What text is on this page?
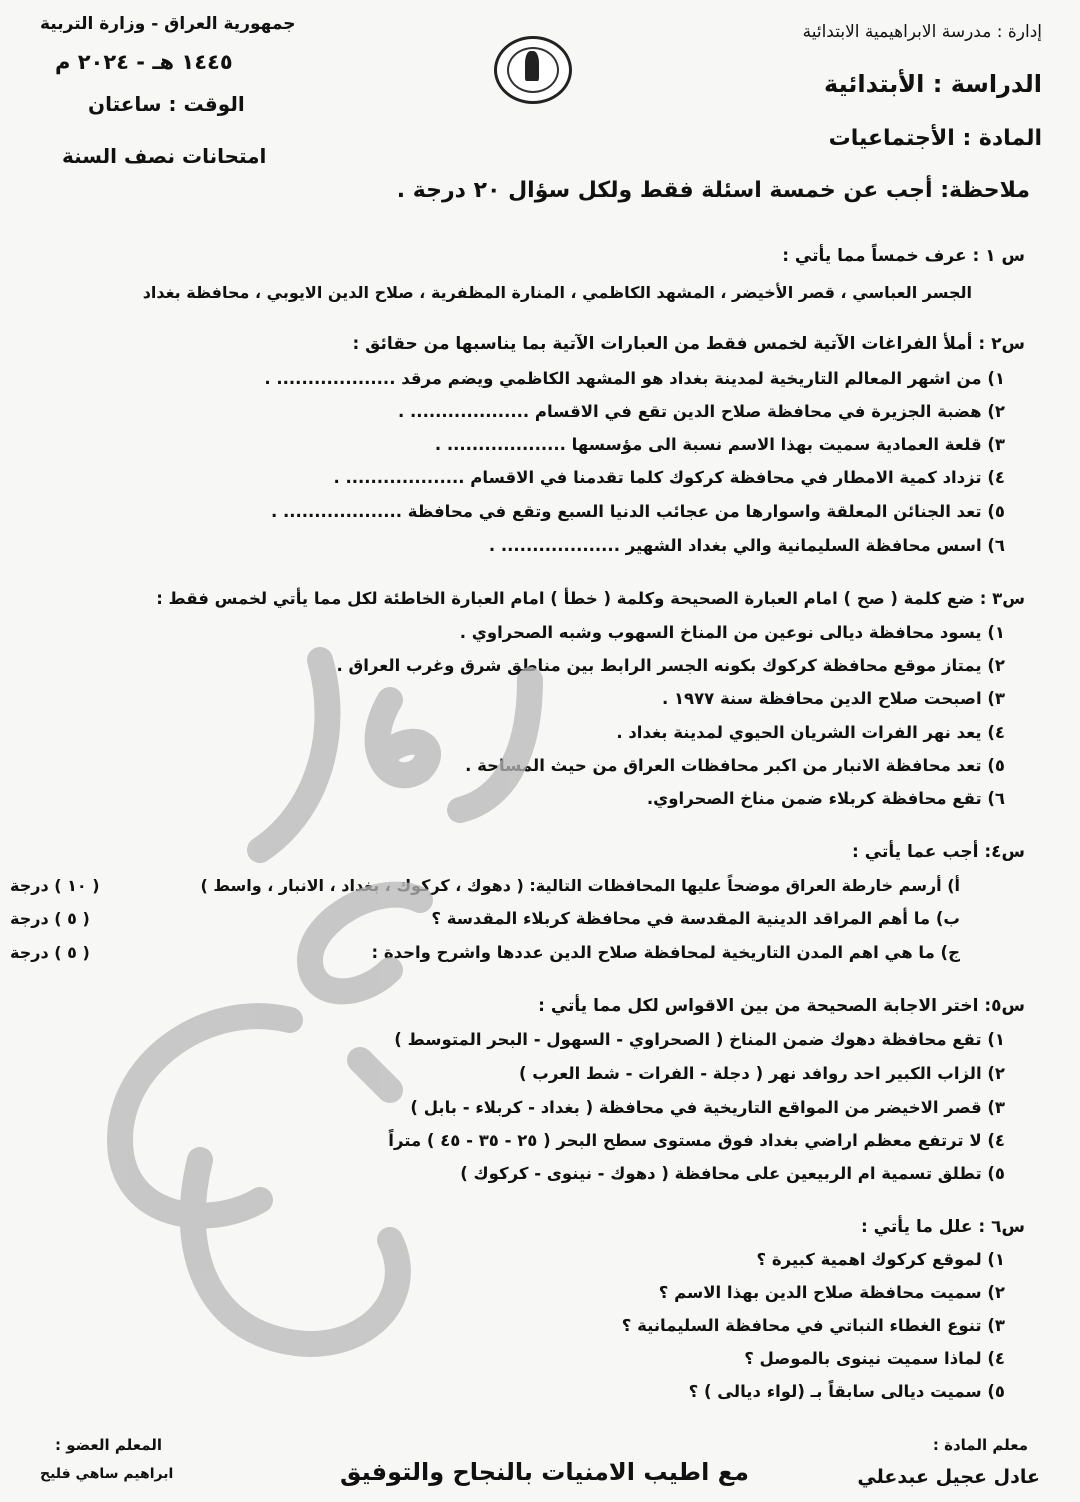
إدارة : مدرسة الابراهيمية الابتدائية
الدراسة : الأبتدائية
المادة : الأجتماعيات
جمهورية العراق - وزارة التربية
١٤٤٥ هـ - ٢٠٢٤ م
الوقت : ساعتان
امتحانات نصف السنة
ملاحظة: أجب عن خمسة اسئلة فقط ولكل سؤال ٢٠ درجة .
س ١ : عرف خمساً مما يأتي :
الجسر العباسي ، قصر الأخيضر ، المشهد الكاظمي ، المنارة المظفرية ، صلاح الدين الايوبي ، محافظة بغداد
س٢ : أملأ الفراغات الآتية لخمس فقط من العبارات الآتية بما يناسبها من حقائق :
١) من اشهر المعالم التاريخية لمدينة بغداد هو المشهد الكاظمي ويضم مرقد ................... .
٢) هضبة الجزيرة في محافظة صلاح الدين تقع في الاقسام ................... .
٣) قلعة العمادية سميت بهذا الاسم نسبة الى مؤسسها ................... .
٤) تزداد كمية الامطار في محافظة كركوك كلما تقدمنا في الاقسام ................... .
٥) تعد الجنائن المعلقة واسوارها من عجائب الدنيا السبع وتقع في محافظة ................... .
٦) اسس محافظة السليمانية والي بغداد الشهير ................... .
س٣ : ضع كلمة ( صح ) امام العبارة الصحيحة وكلمة ( خطأ ) امام العبارة الخاطئة لكل مما يأتي لخمس فقط :
١) يسود محافظة ديالى نوعين من المناخ السهوب وشبه الصحراوي .
٢) يمتاز موقع محافظة كركوك بكونه الجسر الرابط بين مناطق شرق وغرب العراق .
٣) اصبحت صلاح الدين محافظة سنة ١٩٧٧ .
٤) يعد نهر الفرات الشريان الحيوي لمدينة بغداد .
٥) تعد محافظة الانبار من اكبر محافظات العراق من حيث المساحة .
٦) تقع محافظة كربلاء ضمن مناخ الصحراوي.
س٤: أجب عما يأتي :
أ) أرسم خارطة العراق موضحاً عليها المحافظات التالية: ( دهوك ، كركوك ، بغداد ، الانبار ، واسط )
( ١٠ ) درجة
ب) ما أهم المراقد الدينية المقدسة في محافظة كربلاء المقدسة ؟
( ٥ ) درجة
ج) ما هي اهم المدن التاريخية لمحافظة صلاح الدين عددها واشرح واحدة :
( ٥ ) درجة
س٥: اختر الاجابة الصحيحة من بين الاقواس لكل مما يأتي :
١) تقع محافظة دهوك ضمن المناخ ( الصحراوي - السهول - البحر المتوسط )
٢) الزاب الكبير احد روافد نهر ( دجلة - الفرات - شط العرب )
٣) قصر الاخيضر من المواقع التاريخية في محافظة ( بغداد - كربلاء - بابل )
٤) لا ترتفع معظم اراضي بغداد فوق مستوى سطح البحر ( ٢٥ - ٣٥ - ٤٥ ) متراً
٥) تطلق تسمية ام الربيعين على محافظة ( دهوك - نينوى - كركوك )
س٦ : علل ما يأتي :
١) لموقع كركوك اهمية كبيرة ؟
٢) سميت محافظة صلاح الدين بهذا الاسم ؟
٣) تنوع الغطاء النباتي في محافظة السليمانية ؟
٤) لماذا سميت نينوى بالموصل ؟
٥) سميت ديالى سابقاً بـ (لواء ديالى ) ؟
معلم المادة :
عادل عجيل عبدعلي
مع اطيب الامنيات بالنجاح والتوفيق
المعلم العضو :
ابراهيم ساهي فليح
